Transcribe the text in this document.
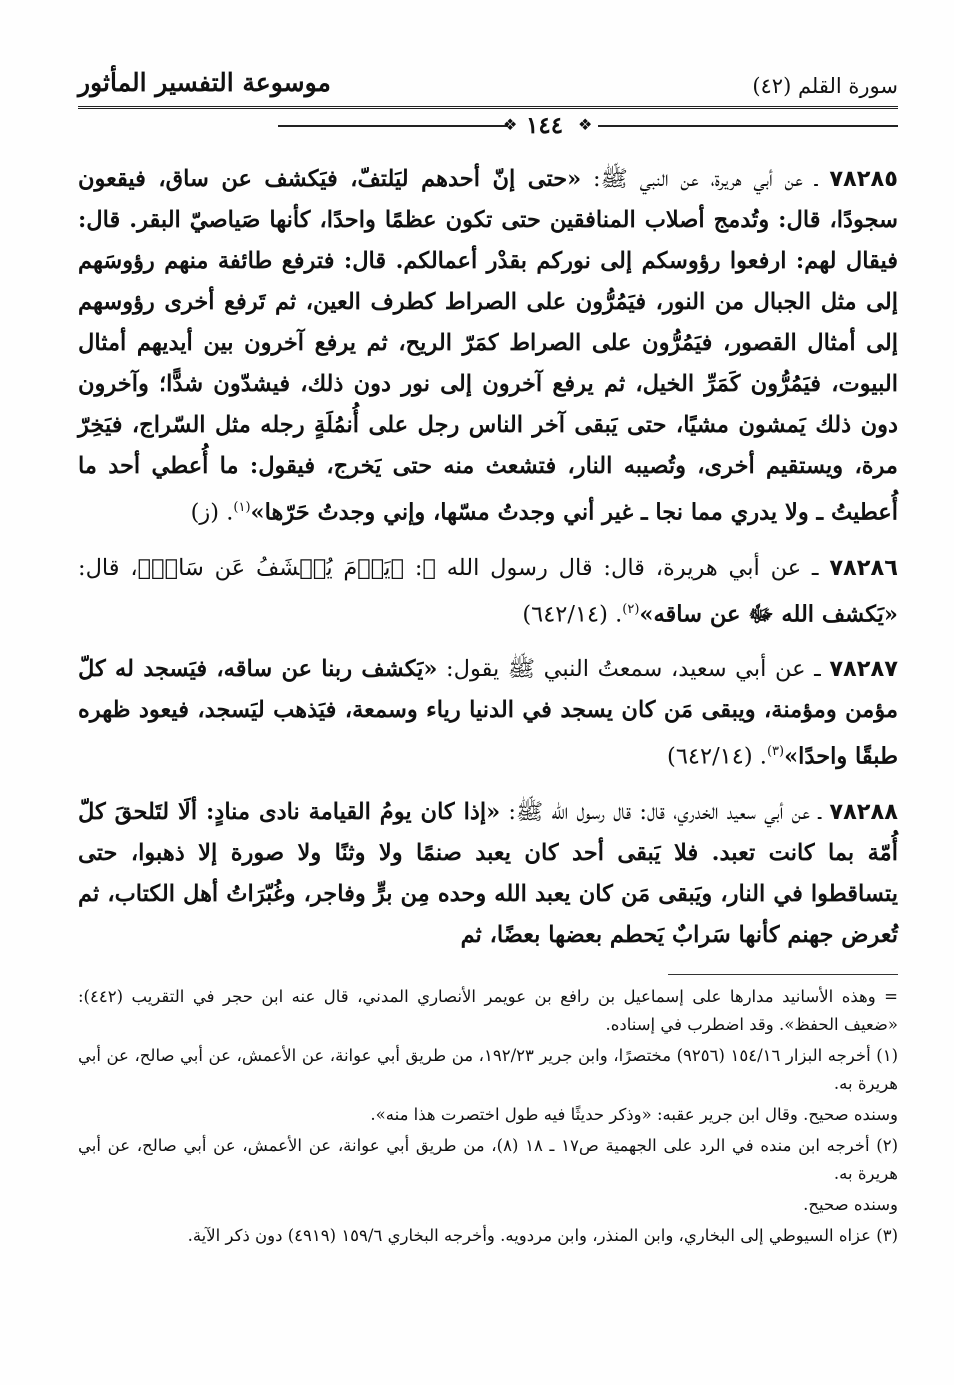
موسوعة التفسير المأثور	سورة القلم (٤٢)
❖ ١٤٤ ❖

٧٨٢٨٥ ـ عن أبي هريرة، عن النبي ﷺ: «حتى إنّ أحدهم ليَلتفّ، فيَكشف عن ساق، فيقعون سجودًا، قال: وتُدمج أصلاب المنافقين حتى تكون عظمًا واحدًا، كأنها صَياصيّ البقر. قال: فيقال لهم: ارفعوا رؤوسكم إلى نوركم بقدْر أعمالكم. قال: فترفع طائفة منهم رؤوسَهم إلى مثل الجبال من النور، فيَمُرُّون على الصراط كطرف العين، ثم تَرفع أخرى رؤوسهم إلى أمثال القصور، فيَمُرُّون على الصراط كمَرّ الريح، ثم يرفع آخرون بين أيديهم أمثال البيوت، فيَمُرُّون كَمَرِّ الخيل، ثم يرفع آخرون إلى نور دون ذلك، فيشدّون شدًّا؛ وآخرون دون ذلك يَمشون مشيًا، حتى يَبقى آخر الناس رجل على أُنمُلَةٍ رجله مثل السّراج، فيَخِرّ مرة، ويستقيم أخرى، وتُصيبه النار، فتشعث منه حتى يَخرج، فيقول: ما أُعطي أحد ما أُعطيتُ ـ ولا يدري مما نجا ـ غير أني وجدتُ مسّها، وإني وجدتُ حَرّها»$^{(١)}$. (ز)

٧٨٢٨٦ ـ عن أبي هريرة، قال: قال رسول الله ﷺ: ﴿يَوۡمَ يُكۡشَفُ عَن سَاقٖ﴾، قال: «يَكشف الله ﷻ عن ساقه»$^{(٢)}$. (٦٤٢/١٤)

٧٨٢٨٧ ـ عن أبي سعيد، سمعتُ النبي ﷺ يقول: «يَكشف ربنا عن ساقه، فيَسجد له كلّ مؤمن ومؤمنة، ويبقى مَن كان يسجد في الدنيا رياء وسمعة، فيَذهب ليَسجد، فيعود ظهره طبقًا واحدًا»$^{(٣)}$. (٦٤٢/١٤)

٧٨٢٨٨ ـ عن أبي سعيد الخدري، قال: قال رسول الله ﷺ: «إذا كان يومُ القيامة نادى منادٍ: ألَا لتَلحقَ كلّ أُمّة بما كانت تعبد. فلا يَبقى أحد كان يعبد صنمًا ولا وثنًا ولا صورة إلا ذهبوا، حتى يتساقطوا في النار، ويَبقى مَن كان يعبد الله وحده مِن برٍّ وفاجر، وغُبّرَاتُ أهل الكتاب، ثم تُعرض جهنم كأنها سَرابٌ يَحطم بعضها بعضًا، ثم

= وهذه الأسانيد مدارها على إسماعيل بن رافع بن عويمر الأنصاري المدني، قال عنه ابن حجر في التقريب (٤٤٢): «ضعيف الحفظ». وقد اضطرب في إسناده.

(١) أخرجه البزار ١٥٤/١٦ (٩٢٥٦) مختصرًا، وابن جرير ١٩٢/٢٣، من طريق أبي عوانة، عن الأعمش، عن أبي صالح، عن أبي هريرة به.

وسنده صحيح. وقال ابن جرير عقبه: «وذكر حديثًا فيه طول اختصرت هذا منه».

(٢) أخرجه ابن منده في الرد على الجهمية ص١٧ ـ ١٨ (٨)، من طريق أبي عوانة، عن الأعمش، عن أبي صالح، عن أبي هريرة به.

وسنده صحيح.

(٣) عزاه السيوطي إلى البخاري، وابن المنذر، وابن مردويه. وأخرجه البخاري ١٥٩/٦ (٤٩١٩) دون ذكر الآية.
